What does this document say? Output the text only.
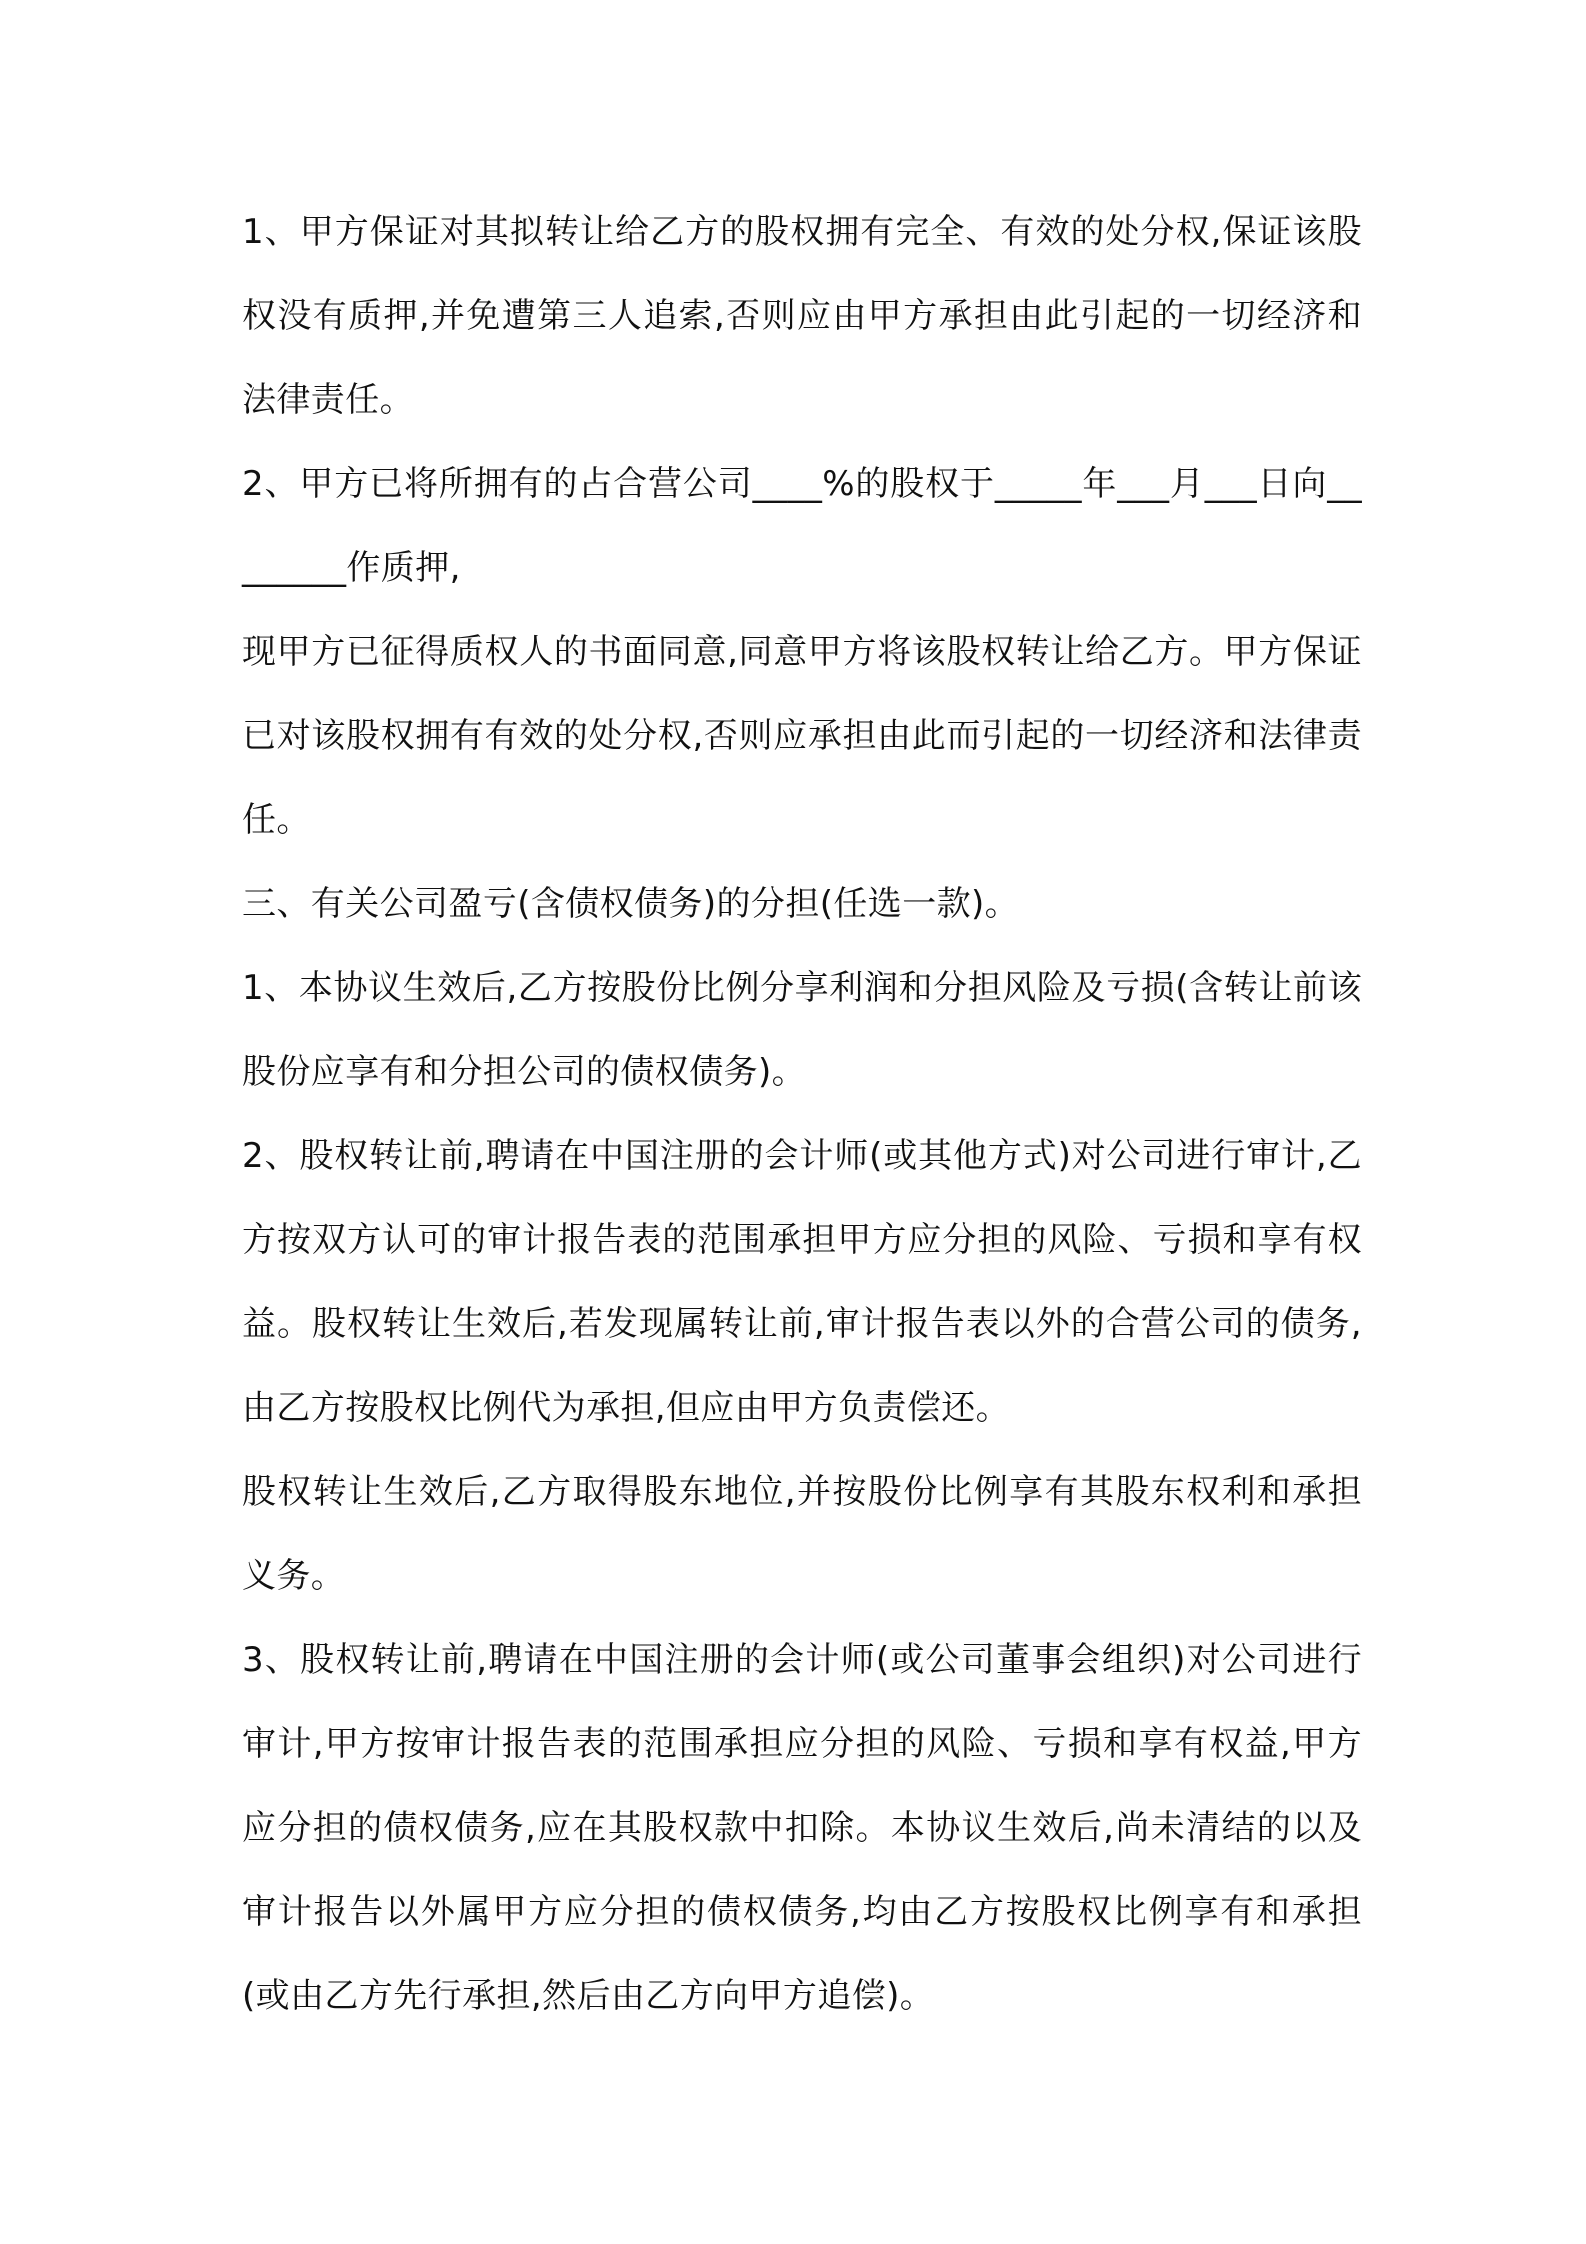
1、甲方保证对其拟转让给乙方的股权拥有完全、有效的处分权,保证该股权没有质押,并免遭第三人追索,否则应由甲方承担由此引起的一切经济和法律责任。

2、甲方已将所拥有的占合营公司____%的股权于_____年___月___日向________作质押,

现甲方已征得质权人的书面同意,同意甲方将该股权转让给乙方。甲方保证已对该股权拥有有效的处分权,否则应承担由此而引起的一切经济和法律责任。

三、有关公司盈亏(含债权债务)的分担(任选一款)。

1、本协议生效后,乙方按股份比例分享利润和分担风险及亏损(含转让前该股份应享有和分担公司的债权债务)。

2、股权转让前,聘请在中国注册的会计师(或其他方式)对公司进行审计,乙方按双方认可的审计报告表的范围承担甲方应分担的风险、亏损和享有权益。股权转让生效后,若发现属转让前,审计报告表以外的合营公司的债务,由乙方按股权比例代为承担,但应由甲方负责偿还。

股权转让生效后,乙方取得股东地位,并按股份比例享有其股东权利和承担义务。

3、股权转让前,聘请在中国注册的会计师(或公司董事会组织)对公司进行审计,甲方按审计报告表的范围承担应分担的风险、亏损和享有权益,甲方应分担的债权债务,应在其股权款中扣除。本协议生效后,尚未清结的以及审计报告以外属甲方应分担的债权债务,均由乙方按股权比例享有和承担(或由乙方先行承担,然后由乙方向甲方追偿)。
